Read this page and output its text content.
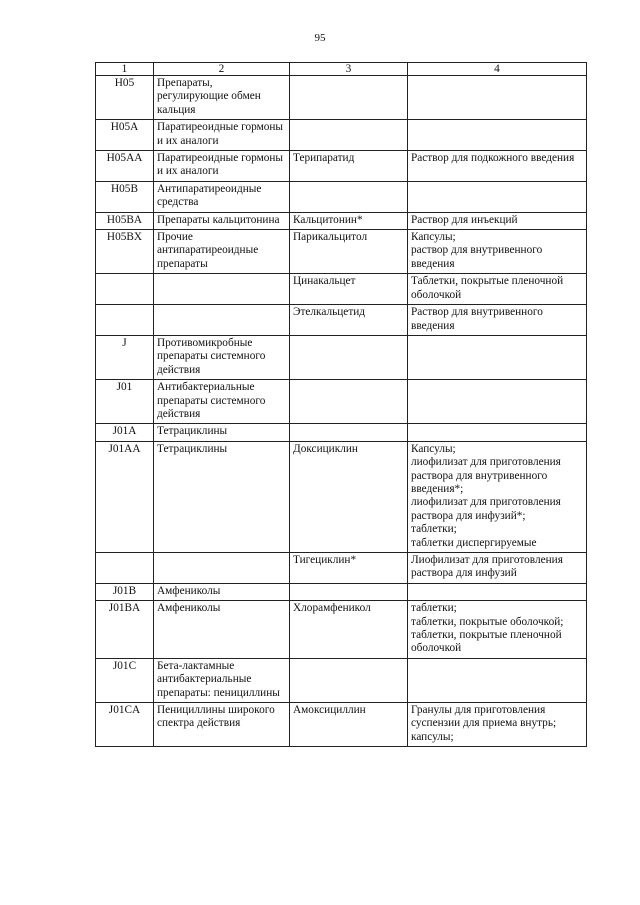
95
1	2	3	4
H05	Препараты, регулирующие обмен кальция		
H05A	Паратиреоидные гормоны и их аналоги		
H05AA	Паратиреоидные гормоны и их аналоги	Терипаратид	Раствор для подкожного введения

H05B	Антипаратиреоидные средства		
H05BA	Препараты кальцитонина	Кальцитонин*	Раствор для инъекций

H05BX	Прочие антипаратиреоидные препараты	Парикальцитол	Капсулы;
раствор для внутривенного введения

		Цинакальцет	Таблетки, покрытые пленочной оболочкой

		Этелкальцетид	Раствор для внутривенного введения

J	Противомикробные препараты системного действия		
J01	Антибактериальные препараты системного действия		
J01A	Тетрациклины		
J01AA	Тетрациклины	Доксициклин	Капсулы;
лиофилизат для приготовления раствора для внутривенного введения*;
лиофилизат для приготовления раствора для инфузий*;
таблетки;
таблетки диспергируемые

		Тигециклин*	Лиофилизат для приготовления раствора для инфузий

J01B	Амфениколы		
J01BA	Амфениколы	Хлорамфеникол	таблетки;
таблетки, покрытые оболочкой;
таблетки, покрытые пленочной оболочкой

J01C	Бета-лактамные антибактериальные препараты: пенициллины		
J01CA	Пенициллины широкого спектра действия	Амоксициллин	Гранулы для приготовления суспензии для приема внутрь;
капсулы;
